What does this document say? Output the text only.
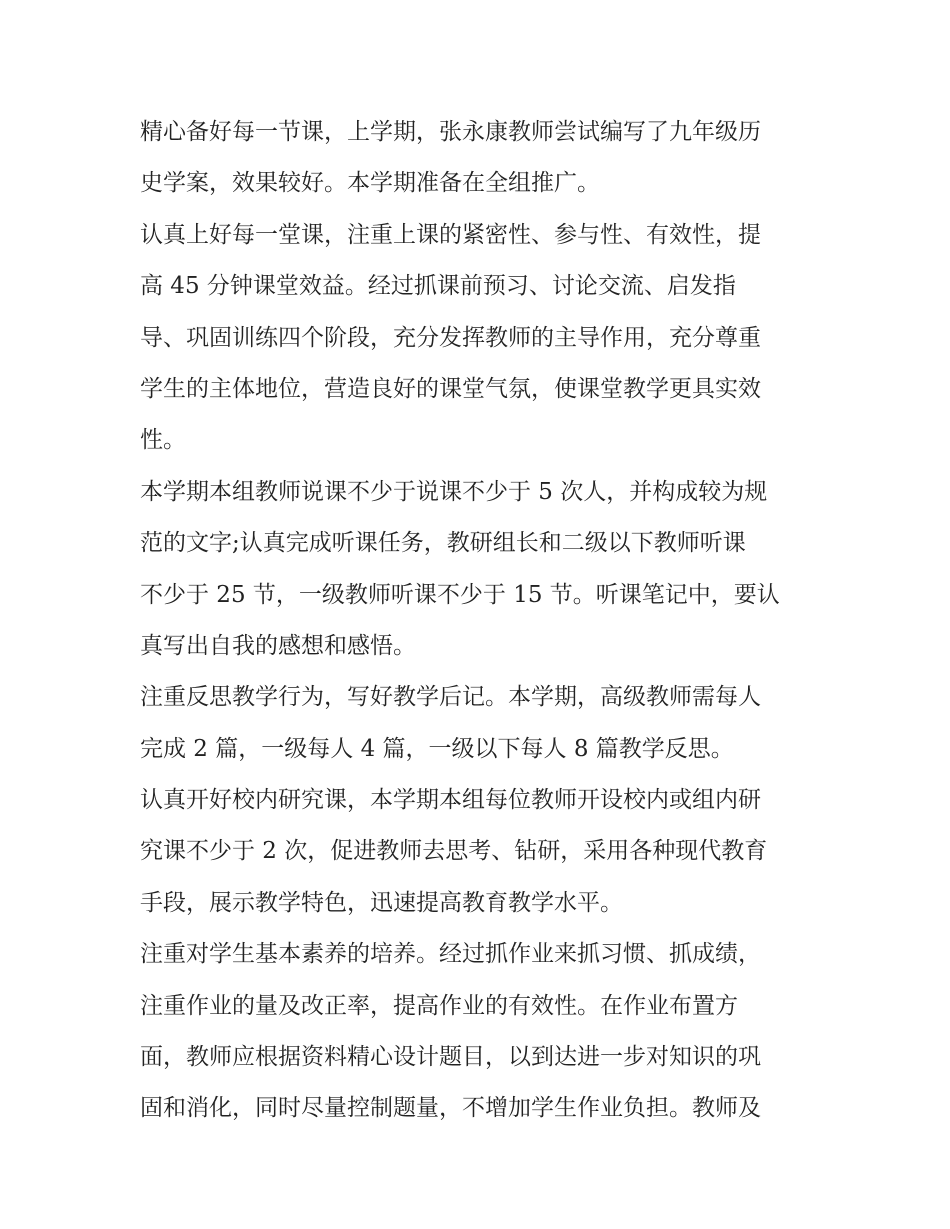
精心备好每一节课，上学期，张永康教师尝试编写了九年级历
史学案，效果较好。本学期准备在全组推广。
认真上好每一堂课，注重上课的紧密性、参与性、有效性，提
高 45 分钟课堂效益。经过抓课前预习、讨论交流、启发指
导、巩固训练四个阶段，充分发挥教师的主导作用，充分尊重
学生的主体地位，营造良好的课堂气氛，使课堂教学更具实效
性。
本学期本组教师说课不少于说课不少于 5 次人，并构成较为规
范的文字;认真完成听课任务，教研组长和二级以下教师听课
不少于 25 节，一级教师听课不少于 15 节。听课笔记中，要认
真写出自我的感想和感悟。
注重反思教学行为，写好教学后记。本学期，高级教师需每人
完成 2 篇，一级每人 4 篇，一级以下每人 8 篇教学反思。
认真开好校内研究课，本学期本组每位教师开设校内或组内研
究课不少于 2 次，促进教师去思考、钻研，采用各种现代教育
手段，展示教学特色，迅速提高教育教学水平。
注重对学生基本素养的培养。经过抓作业来抓习惯、抓成绩，
注重作业的量及改正率，提高作业的有效性。在作业布置方
面，教师应根据资料精心设计题目，以到达进一步对知识的巩
固和消化，同时尽量控制题量，不增加学生作业负担。教师及
